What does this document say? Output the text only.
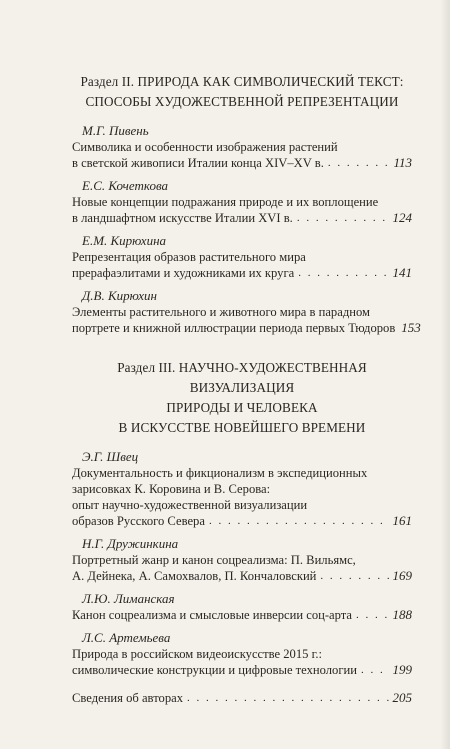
Раздел II. ПРИРОДА КАК СИМВОЛИЧЕСКИЙ ТЕКСТ:
СПОСОБЫ ХУДОЖЕСТВЕННОЙ РЕПРЕЗЕНТАЦИИ
М.Г. Пивень
Символика и особенности изображения растений
в светской живописи Италии конца XIV–XV в. . . .	113
Е.С. Кочеткова
Новые концепции подражания природе и их воплощение
в ландшафтном искусстве Италии XVI в. . . .	124
Е.М. Кирюхина
Репрезентация образов растительного мира
прерафаэлитами и художниками их круга . . .	141
Д.В. Кирюхин
Элементы растительного и животного мира в парадном
портрете и книжной иллюстрации периода первых Тюдоров 153
Раздел III. НАУЧНО-ХУДОЖЕСТВЕННАЯ ВИЗУАЛИЗАЦИЯ
ПРИРОДЫ И ЧЕЛОВЕКА
В ИСКУССТВЕ НОВЕЙШЕГО ВРЕМЕНИ
Э.Г. Швец
Документальность и фикционализм в экспедиционных
зарисовках К. Коровина и В. Серова:
опыт научно-художественной визуализации
образов Русского Севера . . .	161
Н.Г. Дружинкина
Портретный жанр и канон соцреализма: П. Вильямс,
А. Дейнека, А. Самохвалов, П. Кончаловский . . .	169
Л.Ю. Лиманская
Канон соцреализма и смысловые инверсии соц-арта . . .	188
Л.С. Артемьева
Природа в российском видеоискусстве 2015 г.:
символические конструкции и цифровые технологии . . .	199
Сведения об авторах . . .	205
